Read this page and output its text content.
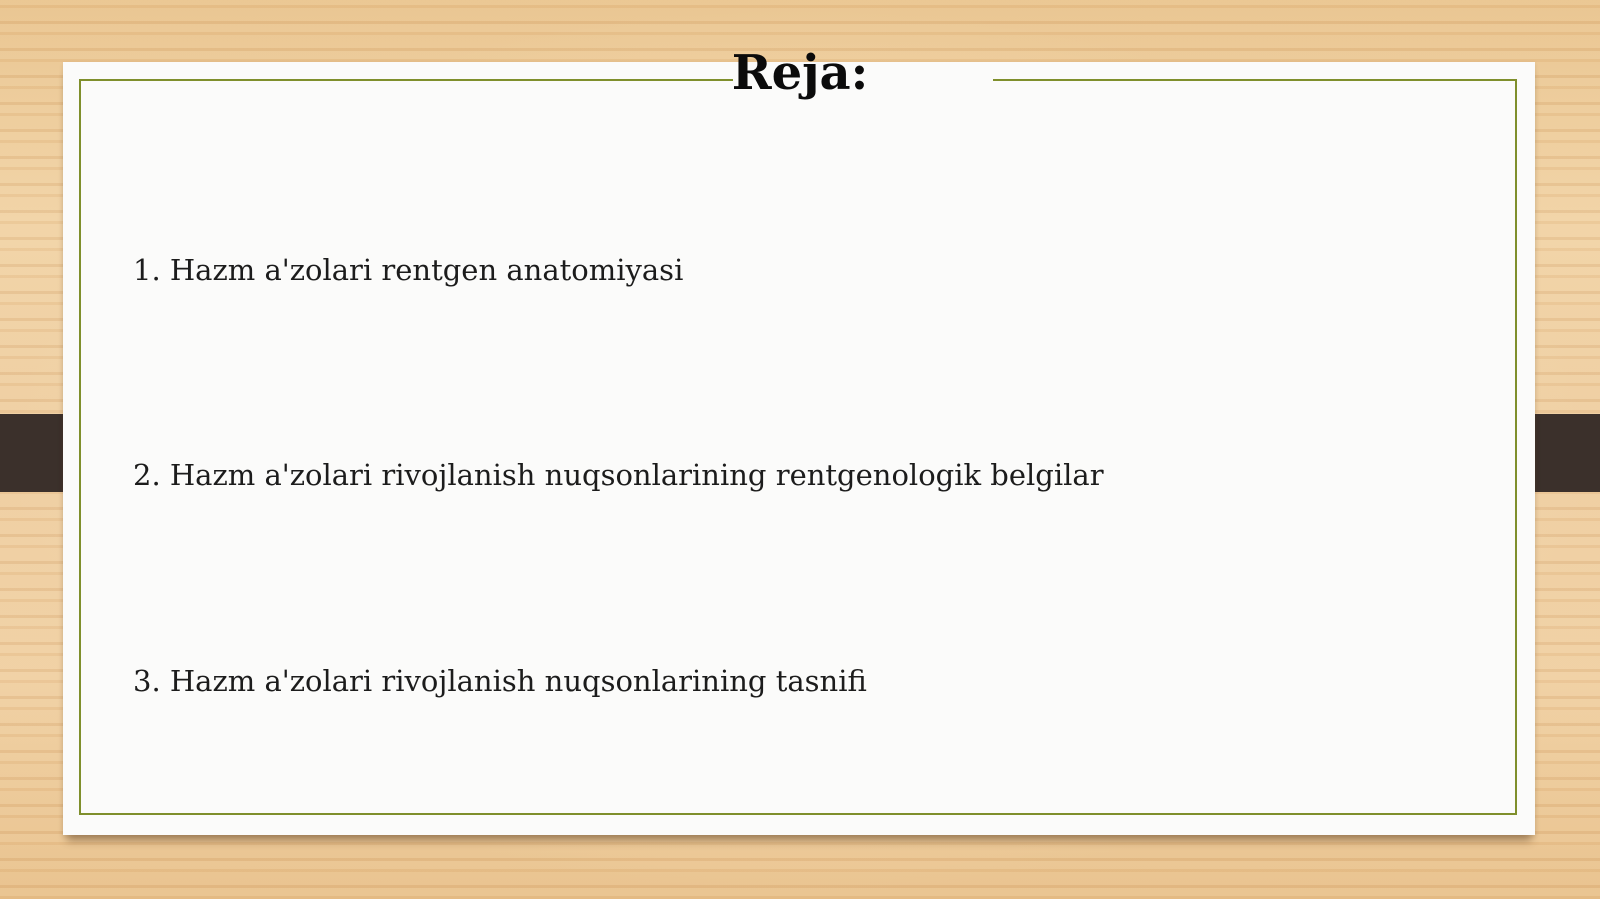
Reja:
1. Hazm a'zolari rentgen anatomiyasi
2. Hazm a'zolari rivojlanish nuqsonlarining rentgenologik belgilar
3. Hazm a'zolari rivojlanish nuqsonlarining tasnifi
